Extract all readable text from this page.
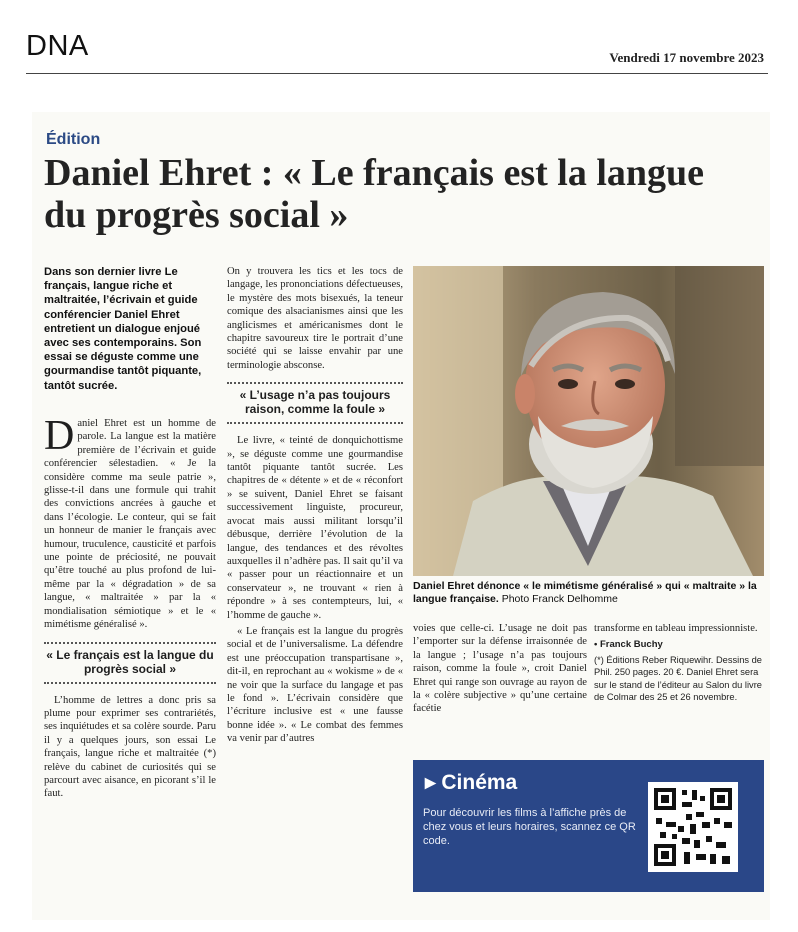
DNA	Vendredi 17 novembre 2023
Édition
Daniel Ehret : « Le français est la langue du progrès social »
Dans son dernier livre Le français, langue riche et maltraitée, l’écrivain et guide conférencier Daniel Ehret entretient un dialogue enjoué avec ses contemporains. Son essai se déguste comme une gourmandise tantôt piquante, tantôt sucrée.

Daniel Ehret est un homme de parole. La langue est la matière première de l’écrivain et guide conférencier sélestadien. « Je la considère comme ma seule patrie », glisse-t-il dans une formule qui trahit des convictions ancrées à gauche et dans l’écologie. Le conteur, qui se fait un honneur de manier le français avec humour, truculence, causticité et parfois une pointe de préciosité, ne pouvait qu’être touché au plus profond de lui-même par la « dégradation » de sa langue, « maltraitée » par la « mondialisation sémiotique » et le « mimétisme généralisé ».

« Le français est la langue du progrès social »

L’homme de lettres a donc pris sa plume pour exprimer ses contrariétés, ses inquiétudes et sa colère sourde. Paru il y a quelques jours, son essai Le français, langue riche et maltraitée (*) relève du cabinet de curiosités qui se parcourt avec aisance, en picorant s’il le faut.

On y trouvera les tics et les tocs de langage, les prononciations défectueuses, le mystère des mots bisexués, la teneur comique des alsacianismes ainsi que les anglicismes et américanismes dont le chapitre savoureux tire le portrait d’une société qui se laisse envahir par une terminologie absconse.

« L’usage n’a pas toujours raison, comme la foule »

Le livre, « teinté de donquichottisme », se déguste comme une gourmandise tantôt piquante tantôt sucrée. Les chapitres de « détente » et de « réconfort » se suivent, Daniel Ehret se faisant successivement linguiste, procureur, avocat mais aussi militant lorsqu’il débusque, derrière l’évolution de la langue, des tendances et des révoltes auxquelles il n’adhère pas. Il sait qu’il va « passer pour un réactionnaire et un conservateur », ne trouvant « rien à répondre » à ses contempteurs, lui, « l’homme de gauche ».

« Le français est la langue du progrès social et de l’universalisme. La défendre est une préoccupation transpartisane », dit-il, en reprochant au « wokisme » de « ne voir que la surface du langage et pas le fond ». L’écrivain considère que l’écriture inclusive est « une fausse bonne idée ». « Le combat des femmes va venir par d’autres

Daniel Ehret dénonce « le mimétisme généralisé » qui « maltraite » la langue française. Photo Franck Delhomme

voies que celle-ci. L’usage ne doit pas l’emporter sur la défense irraisonnée de la langue ; l’usage n’a pas toujours raison, comme la foule », croit Daniel Ehret qui range son ouvrage au rayon de la « colère subjective » qu’une certaine facétie

transforme en tableau impressionniste.

• Franck Buchy
(*) Éditions Reber Riquewihr. Dessins de Phil. 250 pages. 20 €. Daniel Ehret sera sur le stand de l’éditeur au Salon du livre de Colmar des 25 et 26 novembre.
▸ Cinéma
Pour découvrir les films à l’affiche près de chez vous et leurs horaires, scannez ce QR code.
